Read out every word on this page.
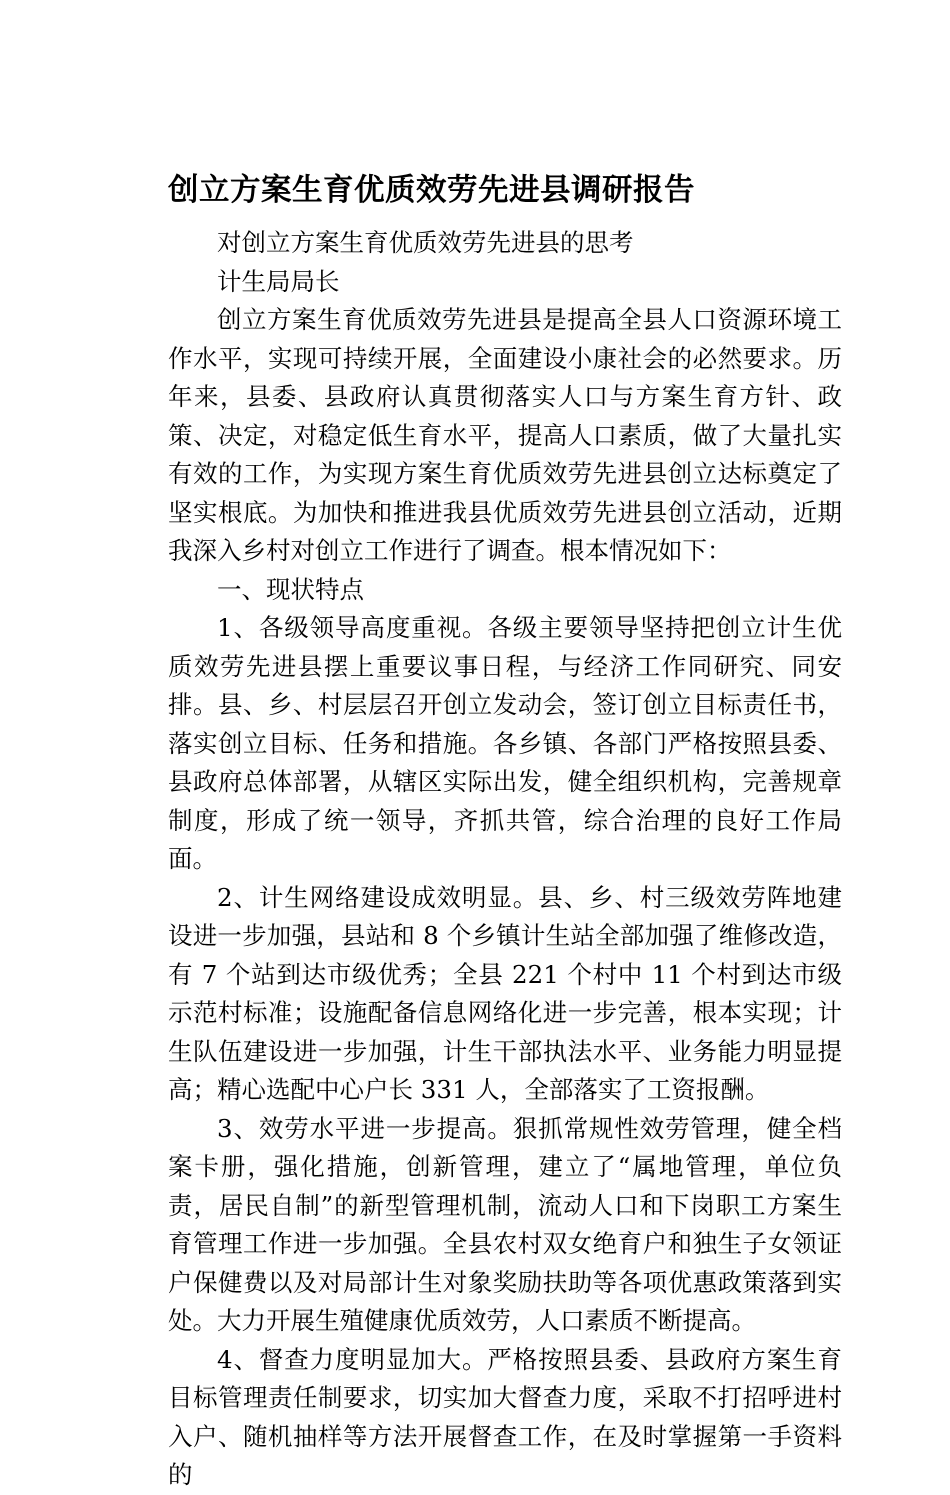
创立方案生育优质效劳先进县调研报告

对创立方案生育优质效劳先进县的思考

计生局局长

创立方案生育优质效劳先进县是提高全县人口资源环境工作水平，实现可持续开展，全面建设小康社会的必然要求。历年来，县委、县政府认真贯彻落实人口与方案生育方针、政策、决定，对稳定低生育水平，提高人口素质，做了大量扎实有效的工作，为实现方案生育优质效劳先进县创立达标奠定了坚实根底。为加快和推进我县优质效劳先进县创立活动，近期我深入乡村对创立工作进行了调查。根本情况如下：

一、现状特点

1、各级领导高度重视。各级主要领导坚持把创立计生优质效劳先进县摆上重要议事日程，与经济工作同研究、同安排。县、乡、村层层召开创立发动会，签订创立目标责任书，落实创立目标、任务和措施。各乡镇、各部门严格按照县委、县政府总体部署，从辖区实际出发，健全组织机构，完善规章制度，形成了统一领导，齐抓共管，综合治理的良好工作局面。

2、计生网络建设成效明显。县、乡、村三级效劳阵地建设进一步加强，县站和 8 个乡镇计生站全部加强了维修改造，有 7 个站到达市级优秀；全县 221 个村中 11 个村到达市级示范村标准；设施配备信息网络化进一步完善，根本实现；计生队伍建设进一步加强，计生干部执法水平、业务能力明显提高；精心选配中心户长 331 人，全部落实了工资报酬。

3、效劳水平进一步提高。狠抓常规性效劳管理，健全档案卡册，强化措施，创新管理，建立了“属地管理，单位负责，居民自制”的新型管理机制，流动人口和下岗职工方案生育管理工作进一步加强。全县农村双女绝育户和独生子女领证户保健费以及对局部计生对象奖励扶助等各项优惠政策落到实处。大力开展生殖健康优质效劳，人口素质不断提高。

4、督查力度明显加大。严格按照县委、县政府方案生育目标管理责任制要求，切实加大督查力度，采取不打招呼进村入户、随机抽样等方法开展督查工作，在及时掌握第一手资料的
